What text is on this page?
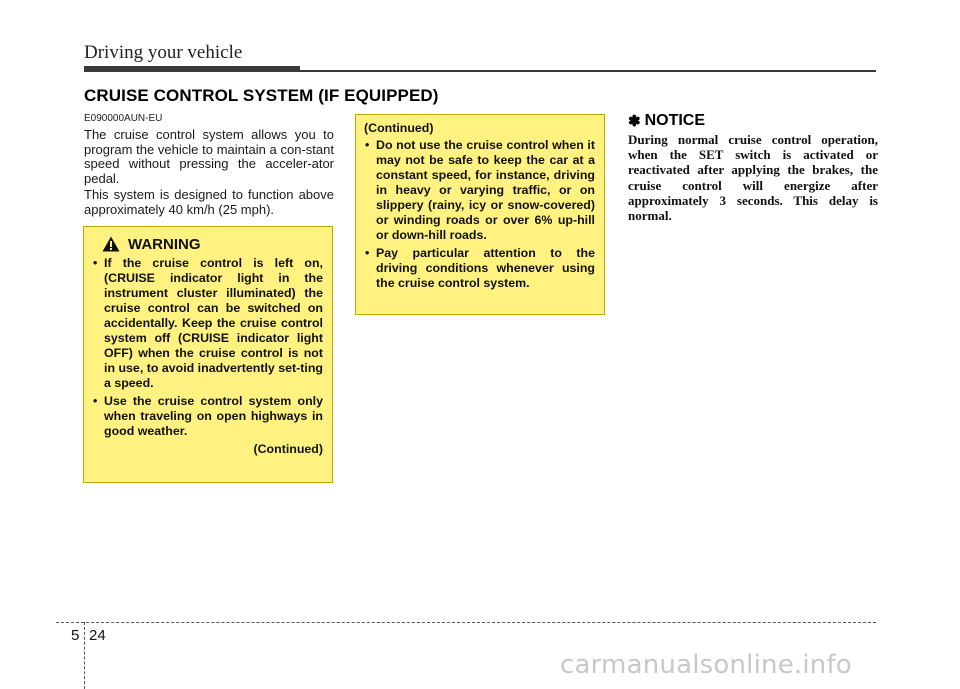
Driving your vehicle
CRUISE CONTROL SYSTEM (IF EQUIPPED)
E090000AUN-EU

The cruise control system allows you to program the vehicle to maintain a con-stant speed without pressing the acceler-ator pedal.

This system is designed to function above approximately 40 km/h (25 mph).

WARNING
• If the cruise control is left on, (CRUISE indicator light in the instrument cluster illuminated) the cruise control can be switched on accidentally. Keep the cruise control system off (CRUISE indicator light OFF) when the cruise control is not in use, to avoid inadvertently set-ting a speed.
• Use the cruise control system only when traveling on open highways in good weather.
(Continued)
(Continued)
• Do not use the cruise control when it may not be safe to keep the car at a constant speed, for instance, driving in heavy or varying traffic, or on slippery (rainy, icy or snow-covered) or winding roads or over 6% up-hill or down-hill roads.
• Pay particular attention to the driving conditions whenever using the cruise control system.
✽ NOTICE
During normal cruise control operation, when the SET switch is activated or reactivated after applying the brakes, the cruise control will energize after approximately 3 seconds. This delay is normal.
5 24
carmanualsonline.info
